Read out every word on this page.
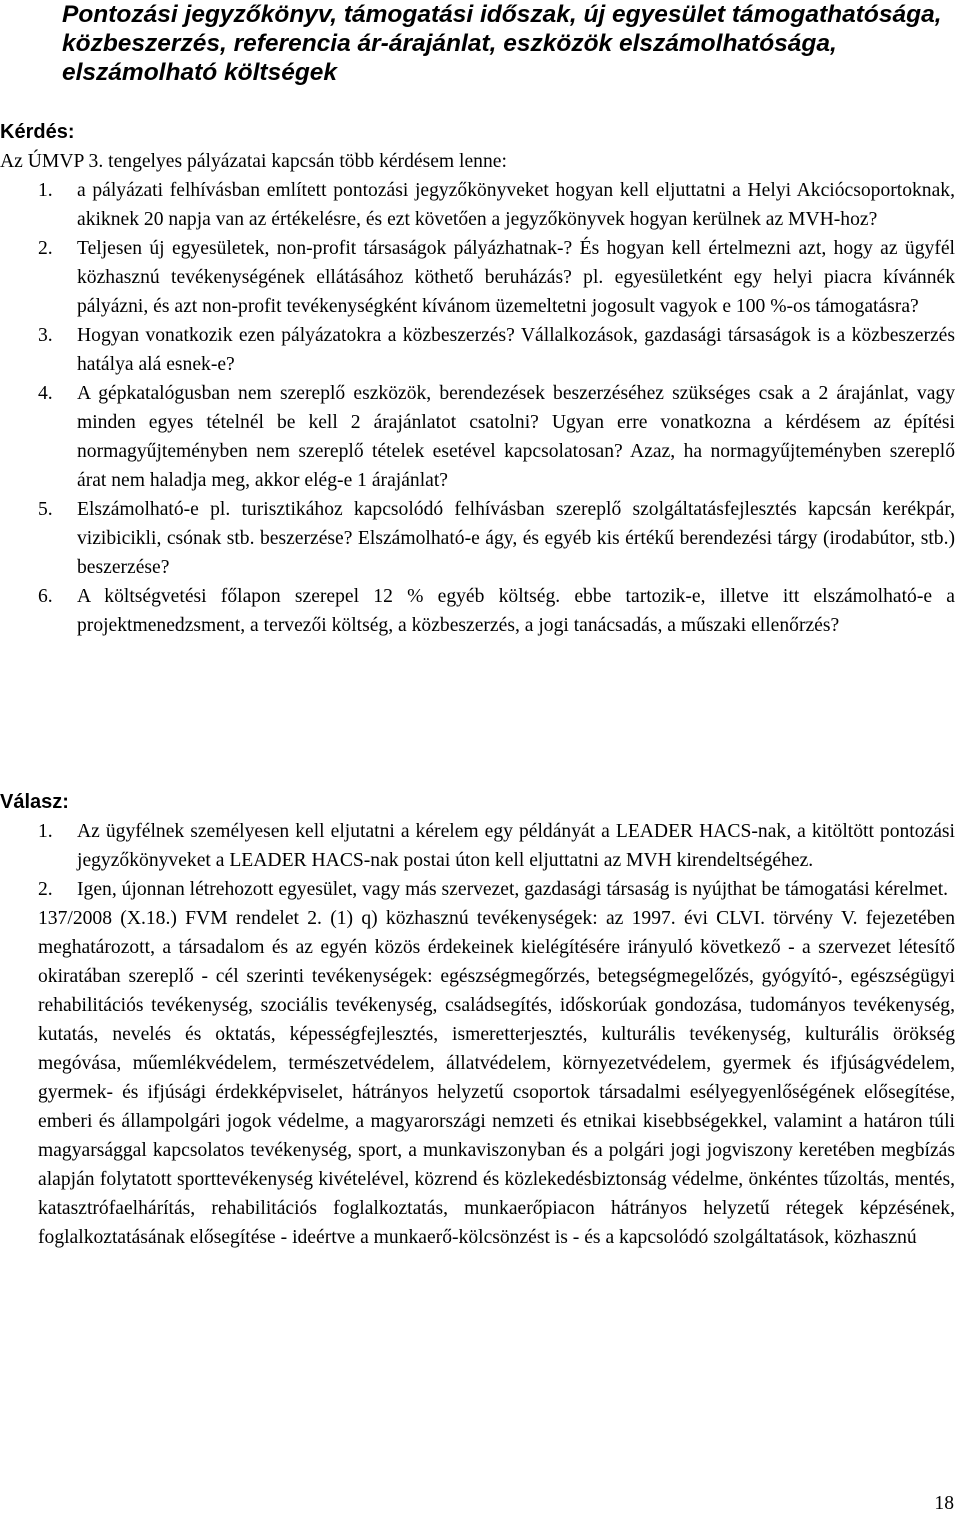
Pontozási jegyzőkönyv, támogatási időszak, új egyesület támogathatósága,
közbeszerzés, referencia ár-árajánlat, eszközök elszámolhatósága,
elszámolható költségek
Kérdés:

Az ÚMVP 3. tengelyes pályázatai kapcsán több kérdésem lenne:

1. a pályázati felhívásban említett pontozási jegyzőkönyveket hogyan kell eljuttatni a Helyi Akciócsoportoknak, akiknek 20 napja van az értékelésre, és ezt követően a jegyzőkönyvek hogyan kerülnek az MVH-hoz?
2. Teljesen új egyesületek, non-profit társaságok pályázhatnak-? És hogyan kell értelmezni azt, hogy az ügyfél közhasznú tevékenységének ellátásához köthető beruházás? pl. egyesületként egy helyi piacra kívánnék pályázni, és azt non-profit tevékenységként kívánom üzemeltetni jogosult vagyok e 100 %-os támogatásra?
3. Hogyan vonatkozik ezen pályázatokra a közbeszerzés? Vállalkozások, gazdasági társaságok is a közbeszerzés hatálya alá esnek-e?
4. A gépkatalógusban nem szereplő eszközök, berendezések beszerzéséhez szükséges csak a 2 árajánlat, vagy minden egyes tételnél be kell 2 árajánlatot csatolni? Ugyan erre vonatkozna a kérdésem az építési normagyűjteményben nem szereplő tételek esetével kapcsolatosan? Azaz, ha normagyűjteményben szereplő árat nem haladja meg, akkor elég-e 1 árajánlat?
5. Elszámolható-e pl. turisztikához kapcsolódó felhívásban szereplő szolgáltatásfejlesztés kapcsán kerékpár, vizibicikli, csónak stb. beszerzése? Elszámolható-e ágy, és egyéb kis értékű berendezési tárgy (irodabútor, stb.) beszerzése?
6. A költségvetési főlapon szerepel 12 % egyéb költség. ebbe tartozik-e, illetve itt elszámolható-e a projektmenedzsment, a tervezői költség, a közbeszerzés, a jogi tanácsadás, a műszaki ellenőrzés?
Válasz:
1. Az ügyfélnek személyesen kell eljutatni a kérelem egy példányát a LEADER HACS-nak, a kitöltött pontozási jegyzőkönyveket a LEADER HACS-nak postai úton kell eljuttatni az MVH kirendeltségéhez.
2. Igen, újonnan létrehozott egyesület, vagy más szervezet, gazdasági társaság is nyújthat be támogatási kérelmet.

137/2008 (X.18.) FVM rendelet 2. (1) q) közhasznú tevékenységek: az 1997. évi CLVI. törvény V. fejezetében meghatározott, a társadalom és az egyén közös érdekeinek kielégítésére irányuló következő - a szervezet létesítő okiratában szereplő - cél szerinti tevékenységek: egészségmegőrzés, betegségmegelőzés, gyógyító-, egészségügyi rehabilitációs tevékenység, szociális tevékenység, családsegítés, időskorúak gondozása, tudományos tevékenység, kutatás, nevelés és oktatás, képességfejlesztés, ismeretterjesztés, kulturális tevékenység, kulturális örökség megóvása, műemlékvédelem, természetvédelem, állatvédelem, környezetvédelem, gyermek és ifjúságvédelem, gyermek- és ifjúsági érdekképviselet, hátrányos helyzetű csoportok társadalmi esélyegyenlőségének elősegítése, emberi és állampolgári jogok védelme, a magyarországi nemzeti és etnikai kisebbségekkel, valamint a határon túli magyarsággal kapcsolatos tevékenység, sport, a munkaviszonyban és a polgári jogi jogviszony keretében megbízás alapján folytatott sporttevékenység kivételével, közrend és közlekedésbiztonság védelme, önkéntes tűzoltás, mentés, katasztrófaelhárítás, rehabilitációs foglalkoztatás, munkaerőpiacon hátrányos helyzetű rétegek képzésének, foglalkoztatásának elősegítése - ideértve a munkaerő-kölcsönzést is - és a kapcsolódó szolgáltatások, közhasznú

18
